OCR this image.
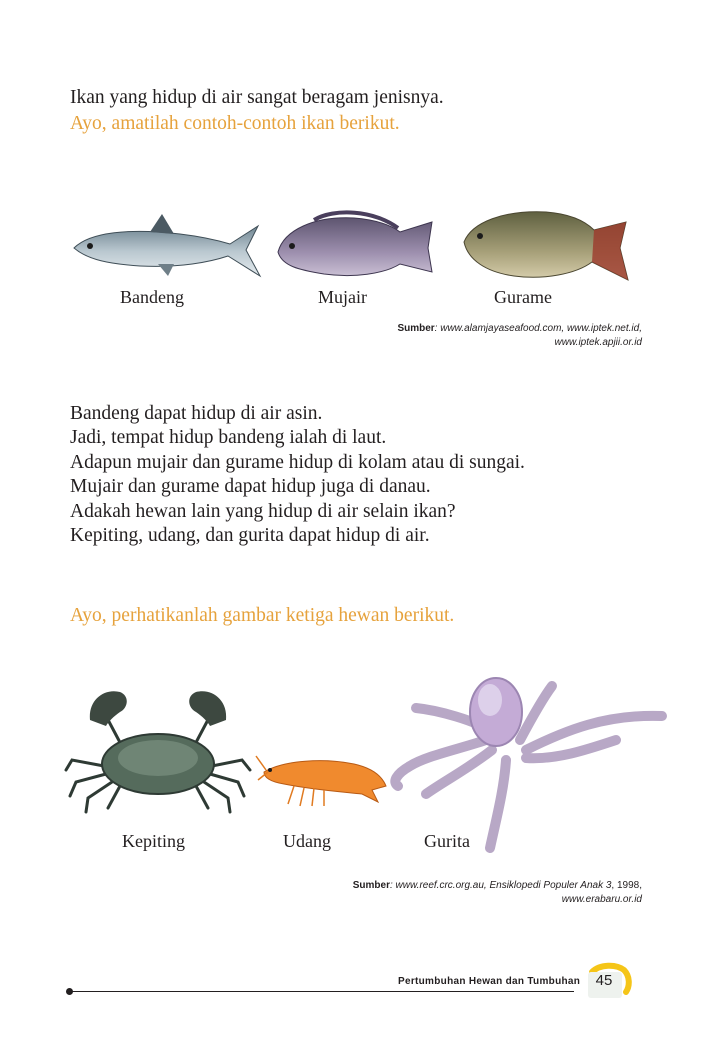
Ikan yang hidup di air sangat beragam jenisnya.
Ayo, amatilah contoh-contoh ikan berikut.
Bandeng	Mujair	Gurame
Sumber: www.alamjayaseafood.com, www.iptek.net.id,
www.iptek.apjii.or.id
Bandeng dapat hidup di air asin.
Jadi, tempat hidup bandeng ialah di laut.
Adapun mujair dan gurame hidup di kolam atau di sungai.
Mujair dan gurame dapat hidup juga di danau.
Adakah hewan lain yang hidup di air selain ikan?
Kepiting, udang, dan gurita dapat hidup di air.
Ayo, perhatikanlah gambar ketiga hewan berikut.
Kepiting	Udang	Gurita
Sumber: www.reef.crc.org.au, Ensiklopedi Populer Anak 3, 1998,
www.erabaru.or.id
Pertumbuhan Hewan dan Tumbuhan	45
